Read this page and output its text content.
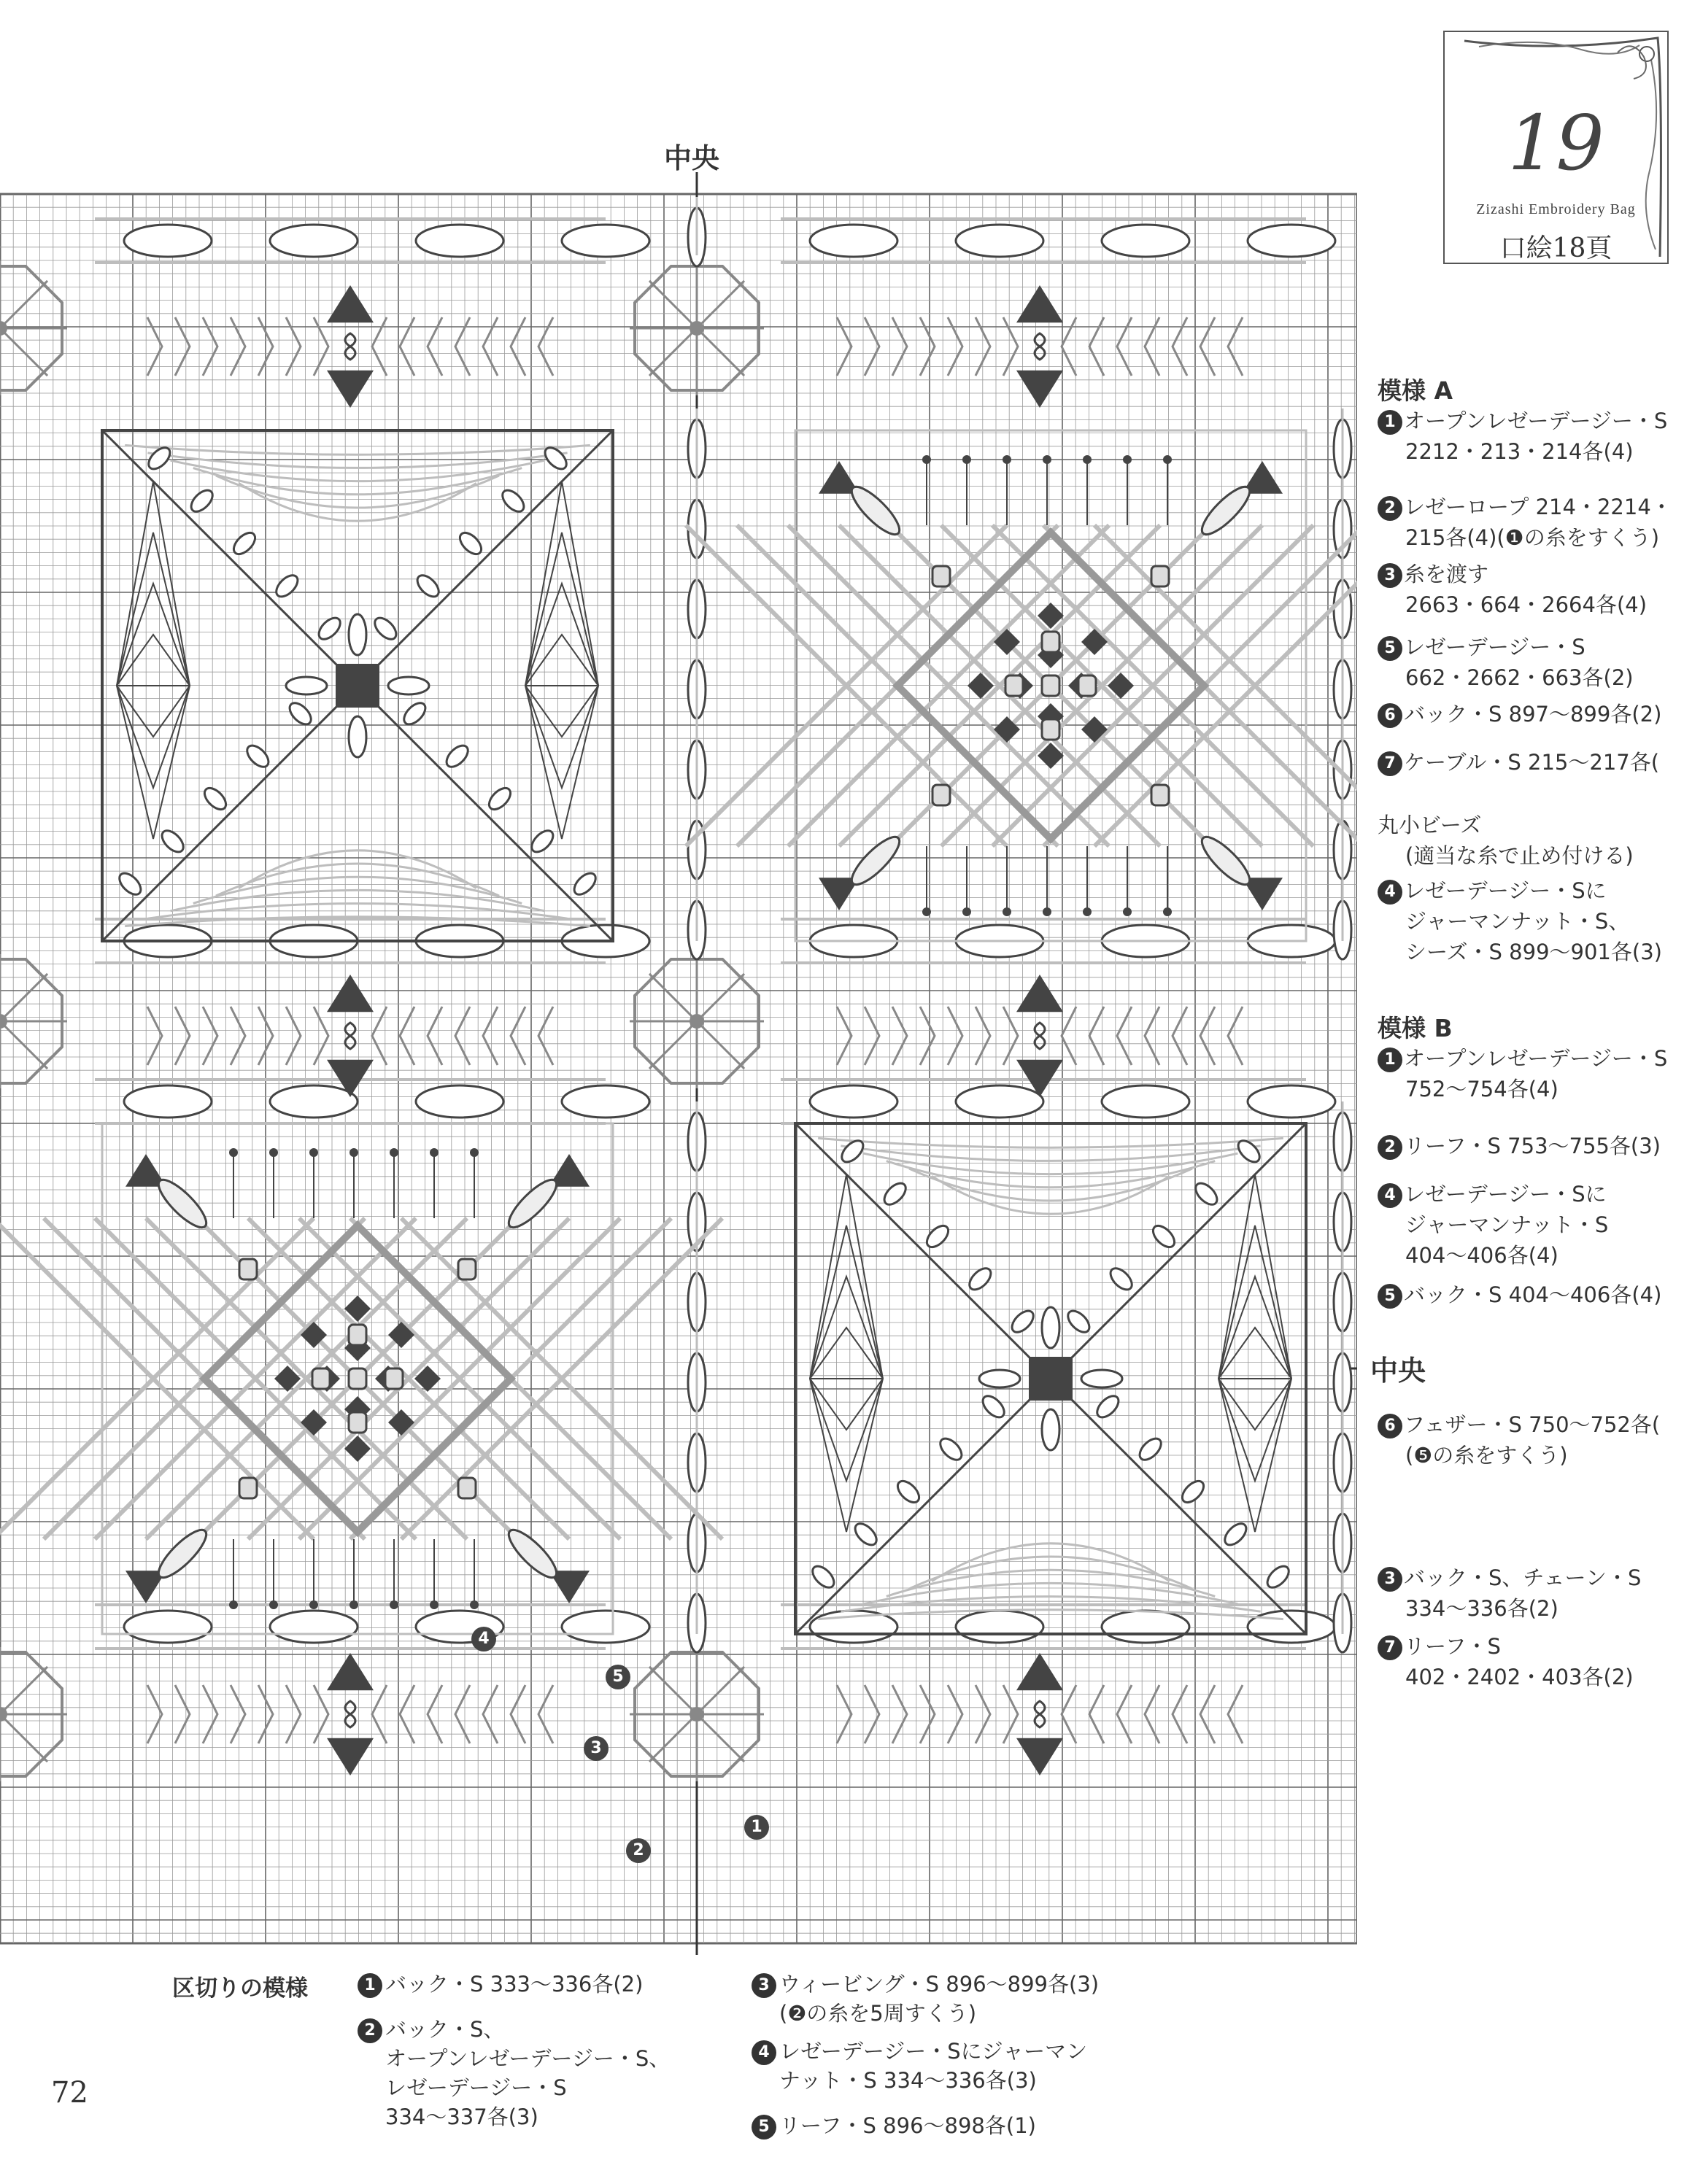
中央
中央
19
Zizashi Embroidery Bag
口絵18頁
模様 A
1 オープンレゼーデージー・S
2212・213・214各(4)
2 レゼーロープ 214・2214・
215各(4)(❶の糸をすくう)
3 糸を渡す
2663・664・2664各(4)
5 レゼーデージー・S
662・2662・663各(2)
6 バック・S 897〜899各(2)
7 ケーブル・S 215〜217各(
丸小ビーズ
(適当な糸で止め付ける)
4 レゼーデージー・Sに
ジャーマンナット・S、
シーズ・S 899〜901各(3)
模様 B
1 オープンレゼーデージー・S
752〜754各(4)
2 リーフ・S 753〜755各(3)
4 レゼーデージー・Sに
ジャーマンナット・S
404〜406各(4)
5 バック・S 404〜406各(4)
6 フェザー・S 750〜752各(
(❺の糸をすくう)
3 バック・S、チェーン・S
334〜336各(2)
7 リーフ・S
402・2402・403各(2)
区切りの模様	1 バック・S 333〜336各(2)
2 バック・S、
オープンレゼーデージー・S、
レゼーデージー・S
334〜337各(3)
3 ウィービング・S 896〜899各(3)
(❷の糸を5周すくう)
4 レゼーデージー・Sにジャーマン
ナット・S 334〜336各(3)
5 リーフ・S 896〜898各(1)
4
5
3
2
1
72
